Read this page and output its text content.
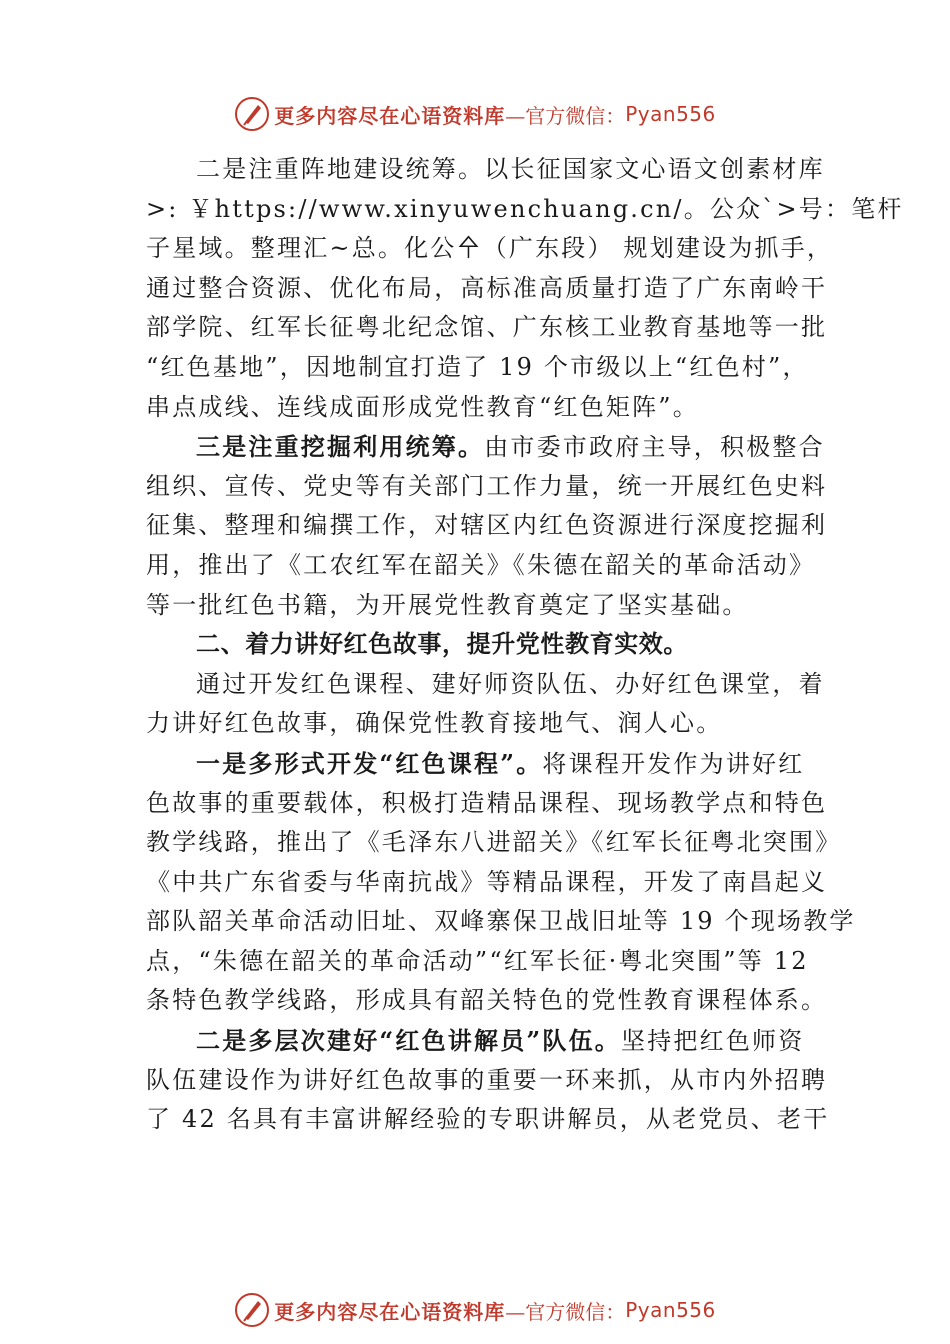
更多内容尽在心语资料库 —官方微信： Pyan556
二是注重阵地建设统筹。以长征国家文心语文创素材库
>: ￥https://www.xinyuwenchuang.cn/。公众`>号：笔杆
子星域。整理汇~总。化公㐃（广东段） 规划建设为抓手，
通过整合资源、优化布局，高标准高质量打造了广东南岭干
部学院、红军长征粤北纪念馆、广东核工业教育基地等一批
“红色基地”，因地制宜打造了 19 个市级以上“红色村”，
串点成线、连线成面形成党性教育“红色矩阵”。
三是注重挖掘利用统筹。由市委市政府主导，积极整合
组织、宣传、党史等有关部门工作力量，统一开展红色史料
征集、整理和编撰工作，对辖区内红色资源进行深度挖掘利
用，推出了《工农红军在韶关》《朱德在韶关的革命活动》
等一批红色书籍，为开展党性教育奠定了坚实基础。
二、着力讲好红色故事，提升党性教育实效。
通过开发红色课程、建好师资队伍、办好红色课堂，着
力讲好红色故事，确保党性教育接地气、润人心。
一是多形式开发“红色课程”。将课程开发作为讲好红
色故事的重要载体，积极打造精品课程、现场教学点和特色
教学线路，推出了《毛泽东八进韶关》《红军长征粤北突围》
《中共广东省委与华南抗战》等精品课程，开发了南昌起义
部队韶关革命活动旧址、双峰寨保卫战旧址等 19 个现场教学
点，“朱德在韶关的革命活动”“红军长征·粤北突围”等 12
条特色教学线路，形成具有韶关特色的党性教育课程体系。
二是多层次建好“红色讲解员”队伍。坚持把红色师资
队伍建设作为讲好红色故事的重要一环来抓，从市内外招聘
了 42 名具有丰富讲解经验的专职讲解员，从老党员、老干
更多内容尽在心语资料库 —官方微信： Pyan556
